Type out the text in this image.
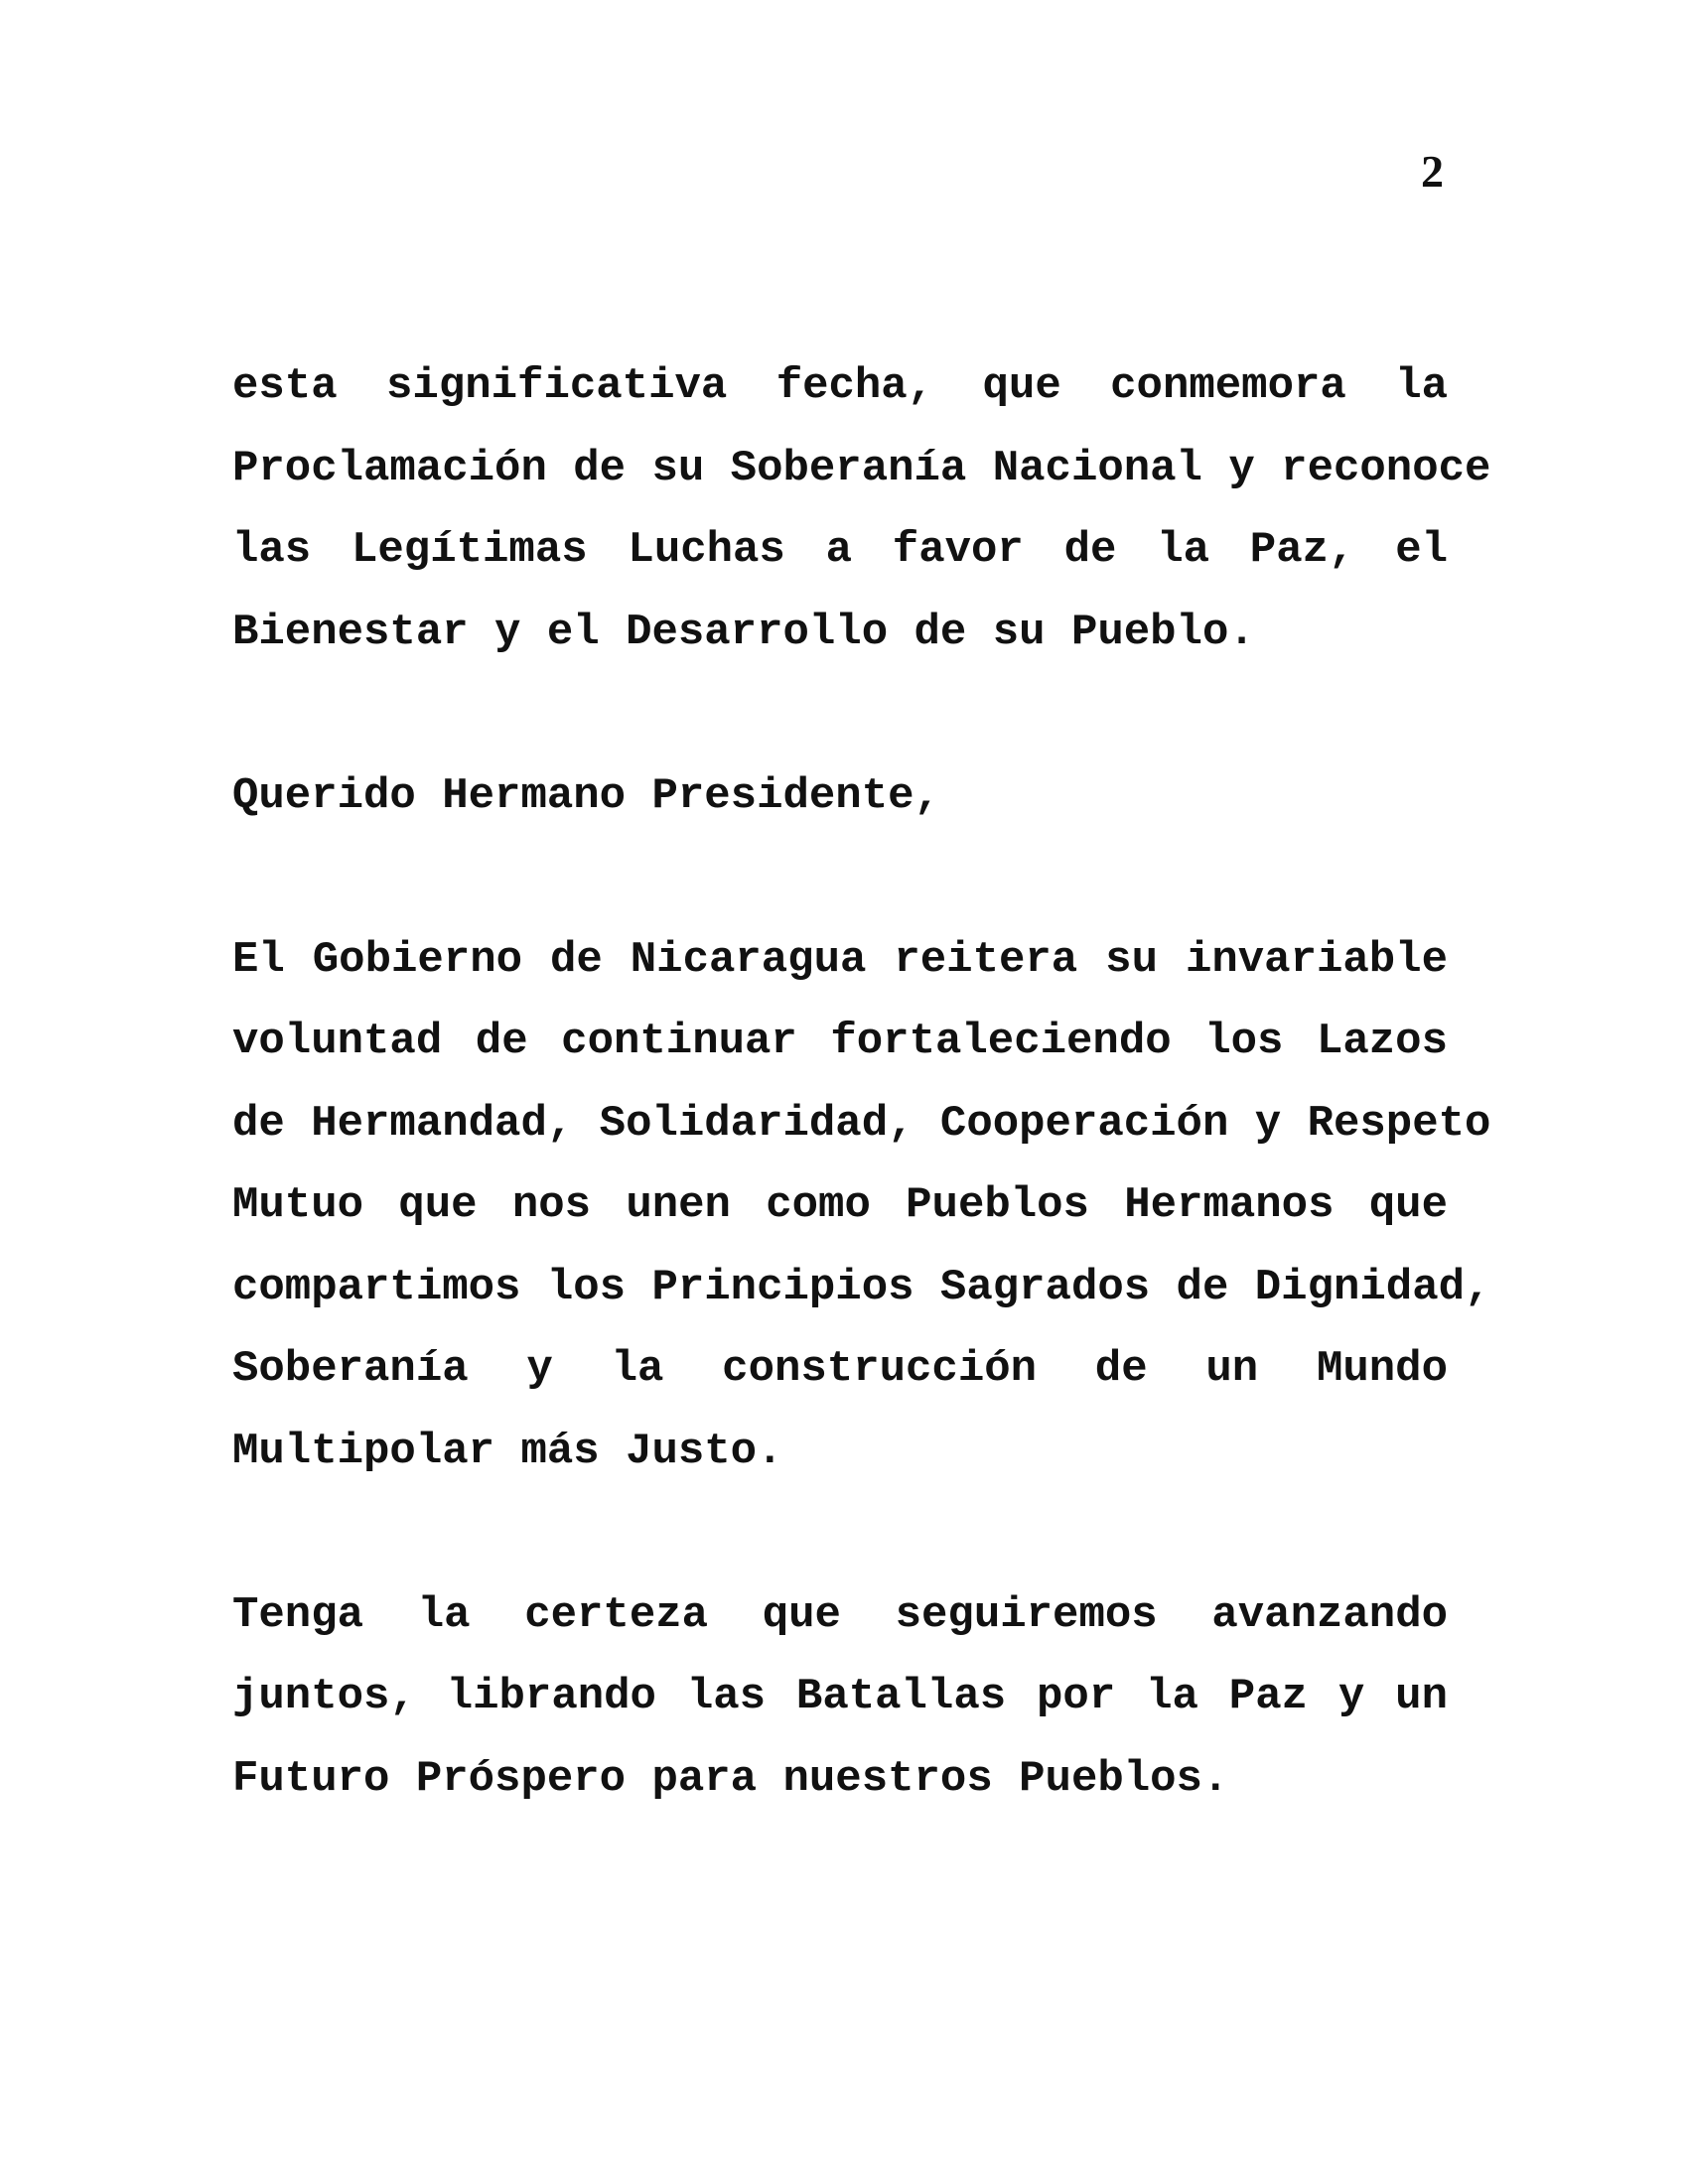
2

esta significativa fecha, que conmemora la
Proclamación de su Soberanía Nacional y reconoce
las Legítimas Luchas a favor de la Paz, el
Bienestar y el Desarrollo de su Pueblo.

Querido Hermano Presidente,

El Gobierno de Nicaragua reitera su invariable
voluntad de continuar fortaleciendo los Lazos
de Hermandad, Solidaridad, Cooperación y Respeto
Mutuo que nos unen como Pueblos Hermanos que
compartimos los Principios Sagrados de Dignidad,
Soberanía y la construcción de un Mundo
Multipolar más Justo.

Tenga la certeza que seguiremos avanzando
juntos, librando las Batallas por la Paz y un
Futuro Próspero para nuestros Pueblos.
